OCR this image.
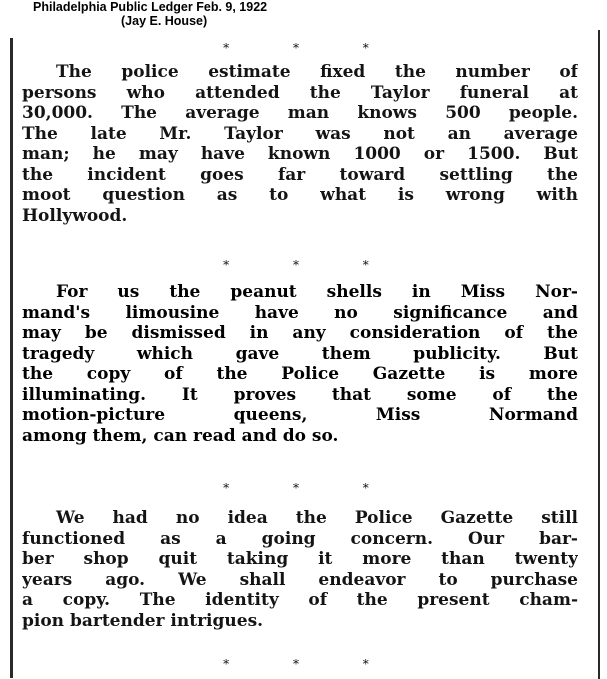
Philadelphia Public Ledger Feb. 9, 1922
(Jay E. House)
* * *
The police estimate fixed the number of
persons who attended the Taylor funeral at
30,000. The average man knows 500 people.
The late Mr. Taylor was not an average
man; he may have known 1000 or 1500. But
the incident goes far toward settling the
moot question as to what is wrong with
Hollywood.
* * *
For us the peanut shells in Miss Nor-
mand's limousine have no significance and
may be dismissed in any consideration of the
tragedy which gave them publicity. But
the copy of the Police Gazette is more
illuminating. It proves that some of the
motion-picture queens, Miss Normand
among them, can read and do so.
* * *
We had no idea the Police Gazette still
functioned as a going concern. Our bar-
ber shop quit taking it more than twenty
years ago. We shall endeavor to purchase
a copy. The identity of the present cham-
pion bartender intrigues.
* * *
